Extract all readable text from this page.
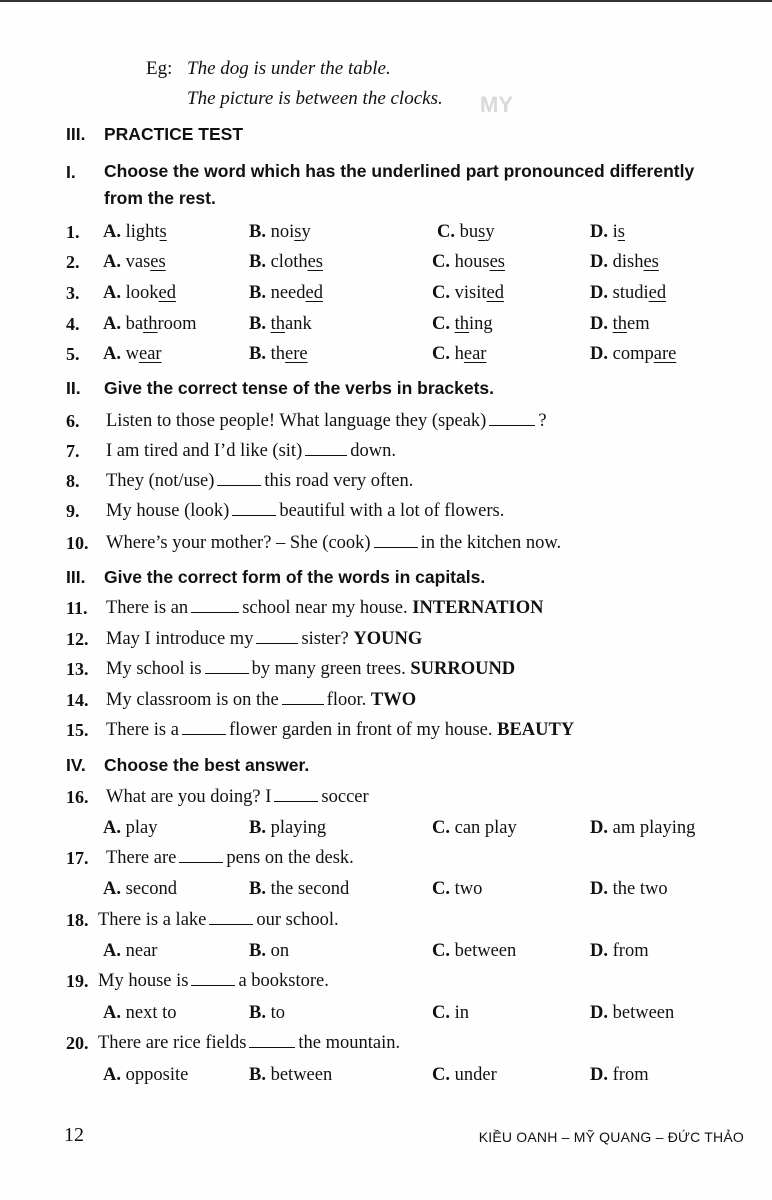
MY
Eg: The dog is under the table.
The picture is between the clocks.
III. PRACTICE TEST
I. Choose the word which has the underlined part pronounced differently
from the rest.
1. A. lights	B. noisy	C. busy	D. is
2. A. vases	B. clothes	C. houses	D. dishes
3. A. looked	B. needed	C. visited	D. studied
4. A. bathroom	B. thank	C. thing	D. them
5. A. wear	B. there	C. hear	D. compare
II. Give the correct tense of the verbs in brackets.
6. Listen to those people! What language they (speak)	?
7. I am tired and I’d like (sit)	down.
8. They (not/use)	this road very often.
9. My house (look)	beautiful with a lot of flowers.
10. Where’s your mother? – She (cook)	in the kitchen now.
III. Give the correct form of the words in capitals.
11. There is an	school near my house. INTERNATION
12. May I introduce my	sister? YOUNG
13. My school is	by many green trees. SURROUND
14. My classroom is on the	floor. TWO
15. There is a	flower garden in front of my house. BEAUTY
IV. Choose the best answer.
16. What are you doing? I	soccer
A. play	B. playing	C. can play	D. am playing
17. There are	pens on the desk.
A. second	B. the second	C. two	D. the two
18. There is a lake	our school.
A. near	B. on	C. between	D. from
19. My house is	a bookstore.
A. next to	B. to	C. in	D. between
20. There are rice fields	the mountain.
A. opposite	B. between	C. under	D. from
12	KIỀU OANH – MỸ QUANG – ĐỨC THẢO
